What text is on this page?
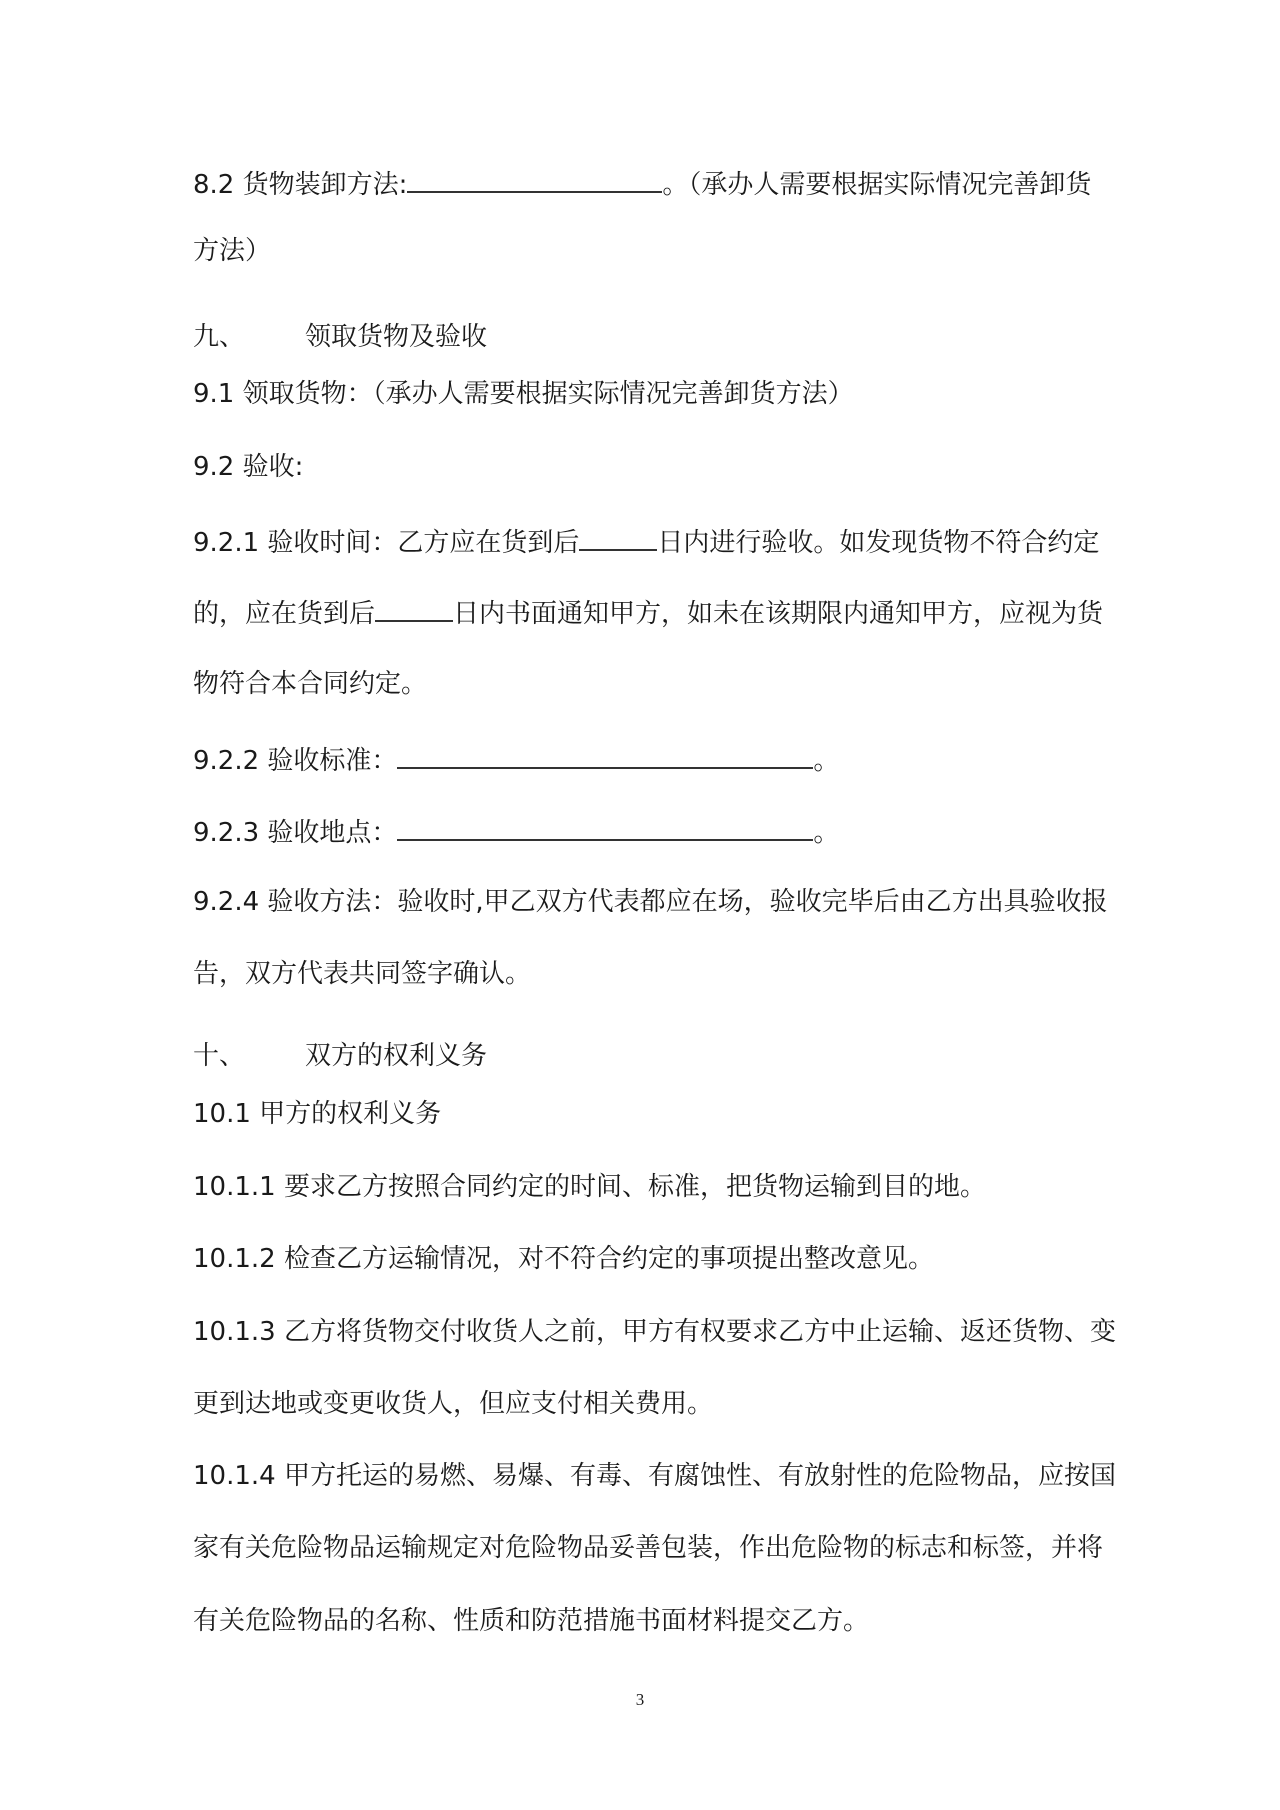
8.2 货物装卸方法:	。（承办人需要根据实际情况完善卸货
方法）
九、 领取货物及验收
9.1 领取货物：（承办人需要根据实际情况完善卸货方法）
9.2 验收:
9.2.1 验收时间：乙方应在货到后	日内进行验收。如发现货物不符合约定
的，应在货到后	日内书面通知甲方，如未在该期限内通知甲方，应视为货
物符合本合同约定。
9.2.2 验收标准：	。
9.2.3 验收地点：	。
9.2.4 验收方法：验收时,甲乙双方代表都应在场，验收完毕后由乙方出具验收报
告，双方代表共同签字确认。
十、 双方的权利义务
10.1 甲方的权利义务
10.1.1 要求乙方按照合同约定的时间、标准，把货物运输到目的地。
10.1.2 检查乙方运输情况，对不符合约定的事项提出整改意见。
10.1.3 乙方将货物交付收货人之前，甲方有权要求乙方中止运输、返还货物、变
更到达地或变更收货人，但应支付相关费用。
10.1.4 甲方托运的易燃、易爆、有毒、有腐蚀性、有放射性的危险物品，应按国
家有关危险物品运输规定对危险物品妥善包装，作出危险物的标志和标签，并将
有关危险物品的名称、性质和防范措施书面材料提交乙方。
3
